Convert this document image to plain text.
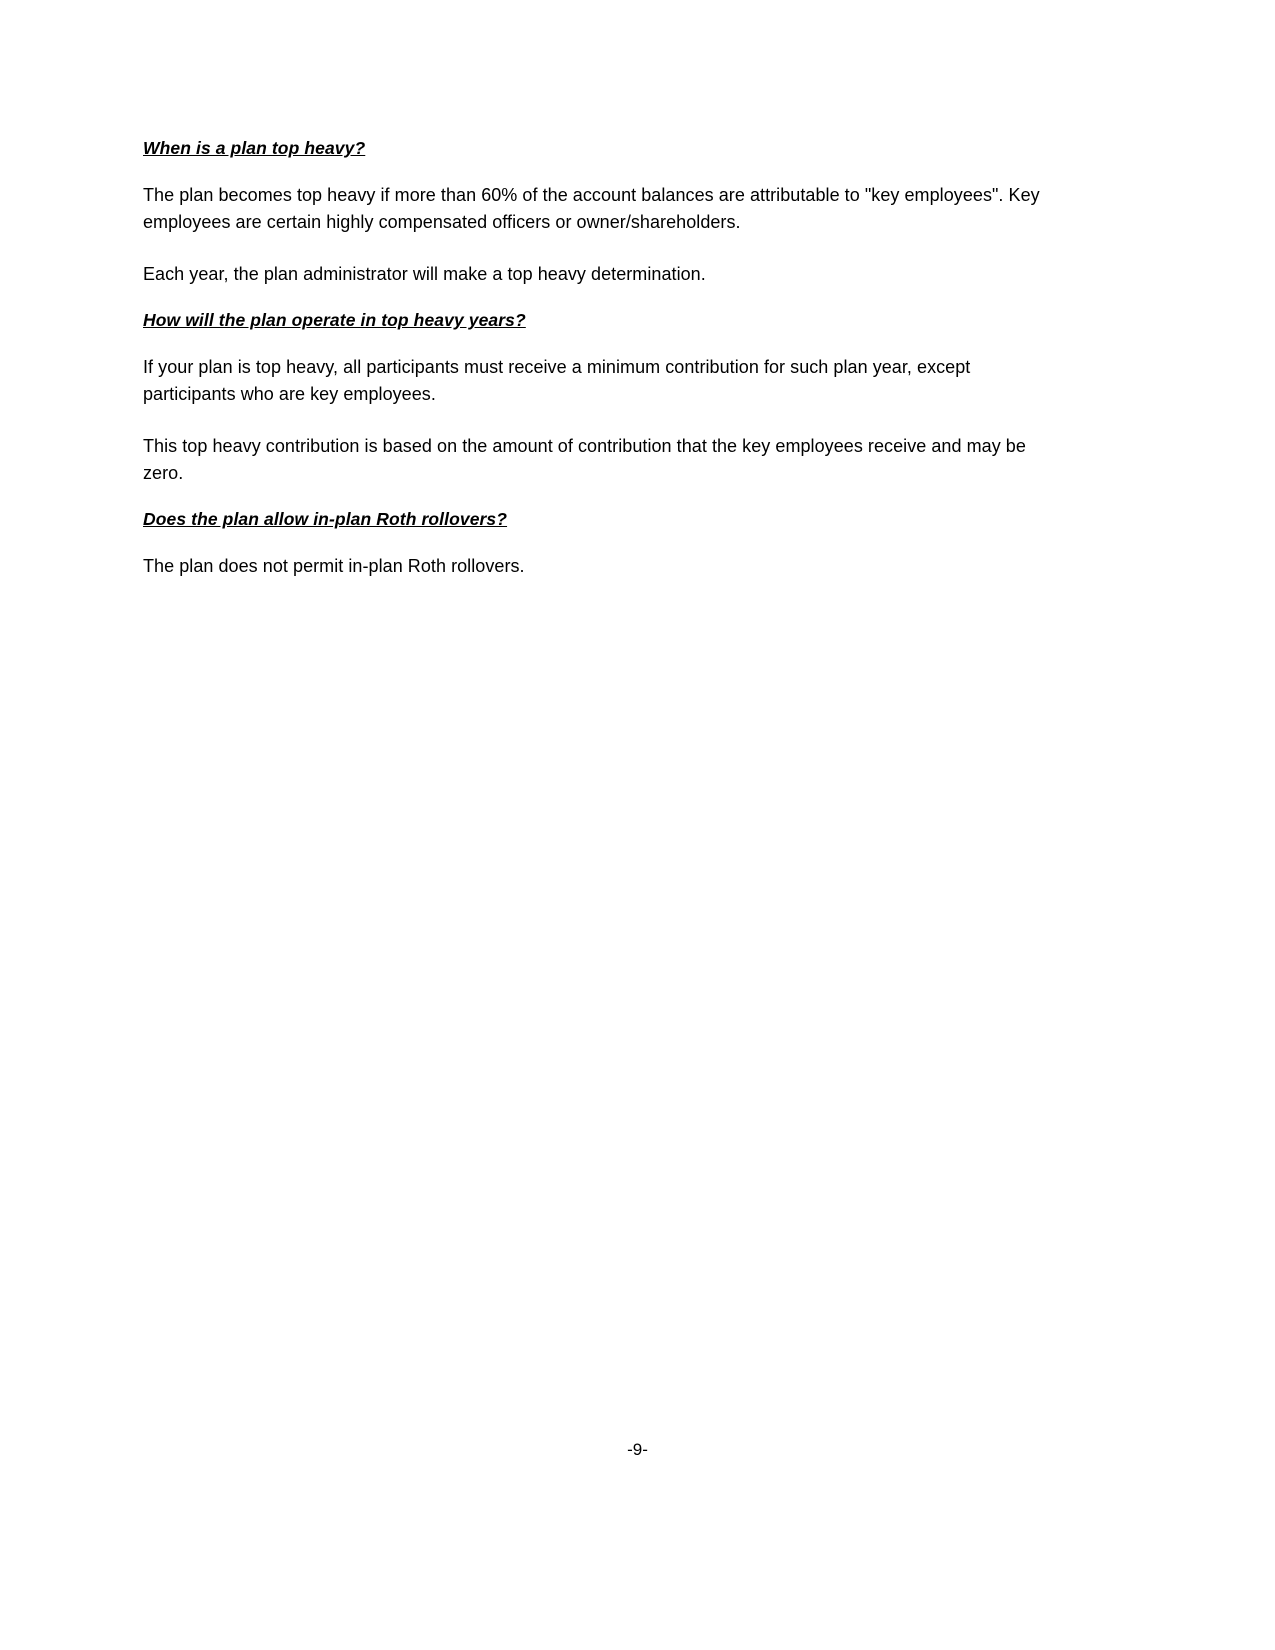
When is a plan top heavy?

The plan becomes top heavy if more than 60% of the account balances are attributable to "key employees". Key employees are certain highly compensated officers or owner/shareholders.

Each year, the plan administrator will make a top heavy determination.

How will the plan operate in top heavy years?

If your plan is top heavy, all participants must receive a minimum contribution for such plan year, except participants who are key employees.

This top heavy contribution is based on the amount of contribution that the key employees receive and may be zero.

Does the plan allow in-plan Roth rollovers?

The plan does not permit in-plan Roth rollovers.

-9-
